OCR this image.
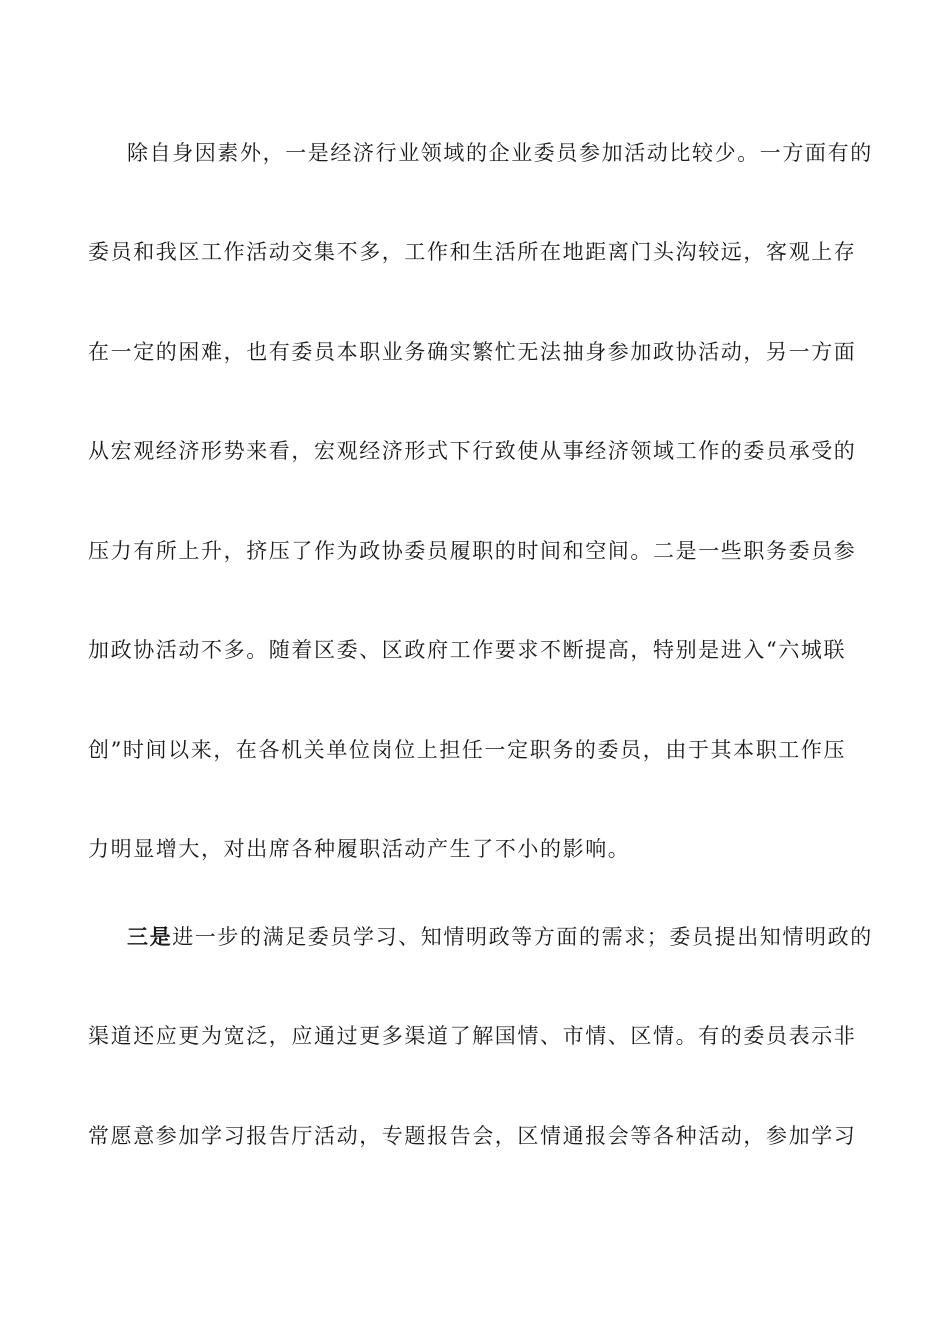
除自身因素外，一是经济行业领域的企业委员参加活动比较少。一方面有的
委员和我区工作活动交集不多，工作和生活所在地距离门头沟较远，客观上存
在一定的困难，也有委员本职业务确实繁忙无法抽身参加政协活动，另一方面
从宏观经济形势来看，宏观经济形式下行致使从事经济领域工作的委员承受的
压力有所上升，挤压了作为政协委员履职的时间和空间。二是一些职务委员参
加政协活动不多。随着区委、区政府工作要求不断提高，特别是进入“六城联
创”时间以来，在各机关单位岗位上担任一定职务的委员，由于其本职工作压
力明显增大，对出席各种履职活动产生了不小的影响。
三是进一步的满足委员学习、知情明政等方面的需求；委员提出知情明政的
渠道还应更为宽泛，应通过更多渠道了解国情、市情、区情。有的委员表示非
常愿意参加学习报告厅活动，专题报告会，区情通报会等各种活动，参加学习
